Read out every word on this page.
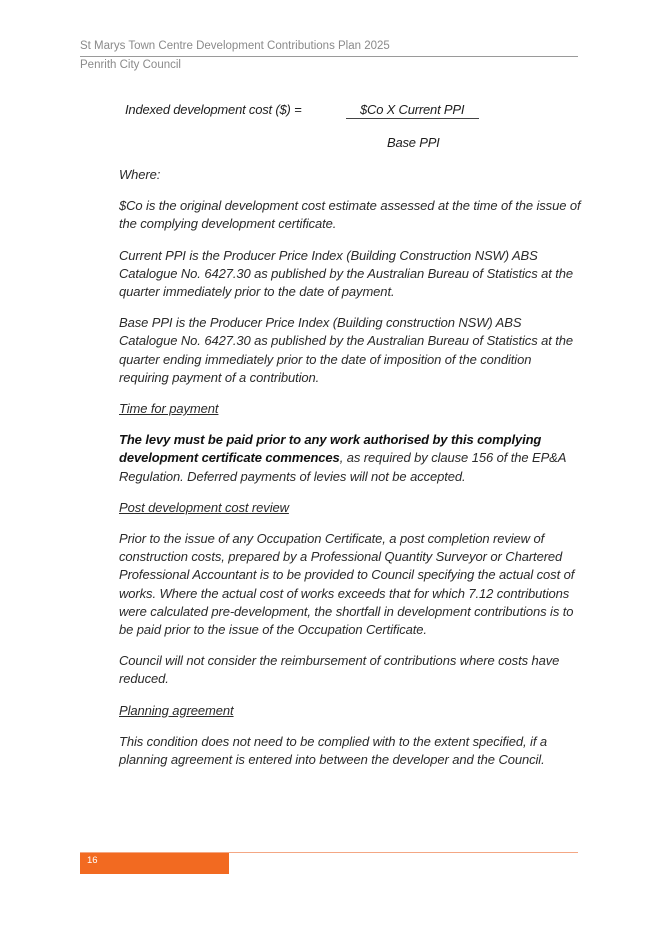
St Marys Town Centre Development Contributions Plan 2025
Penrith City Council
Indexed development cost ($) =	$Co X Current PPI
Base PPI

Where:

$Co is the original development cost estimate assessed at the time of the issue of the complying development certificate.

Current PPI is the Producer Price Index (Building Construction NSW) ABS Catalogue No. 6427.30 as published by the Australian Bureau of Statistics at the quarter immediately prior to the date of payment.

Base PPI is the Producer Price Index (Building construction NSW) ABS Catalogue No. 6427.30 as published by the Australian Bureau of Statistics at the quarter ending immediately prior to the date of imposition of the condition requiring payment of a contribution.

Time for payment

The levy must be paid prior to any work authorised by this complying development certificate commences, as required by clause 156 of the EP&A Regulation. Deferred payments of levies will not be accepted.

Post development cost review

Prior to the issue of any Occupation Certificate, a post completion review of construction costs, prepared by a Professional Quantity Surveyor or Chartered Professional Accountant is to be provided to Council specifying the actual cost of works. Where the actual cost of works exceeds that for which 7.12 contributions were calculated pre-development, the shortfall in development contributions is to be paid prior to the issue of the Occupation Certificate.

Council will not consider the reimbursement of contributions where costs have reduced.

Planning agreement

This condition does not need to be complied with to the extent specified, if a planning agreement is entered into between the developer and the Council.

16
